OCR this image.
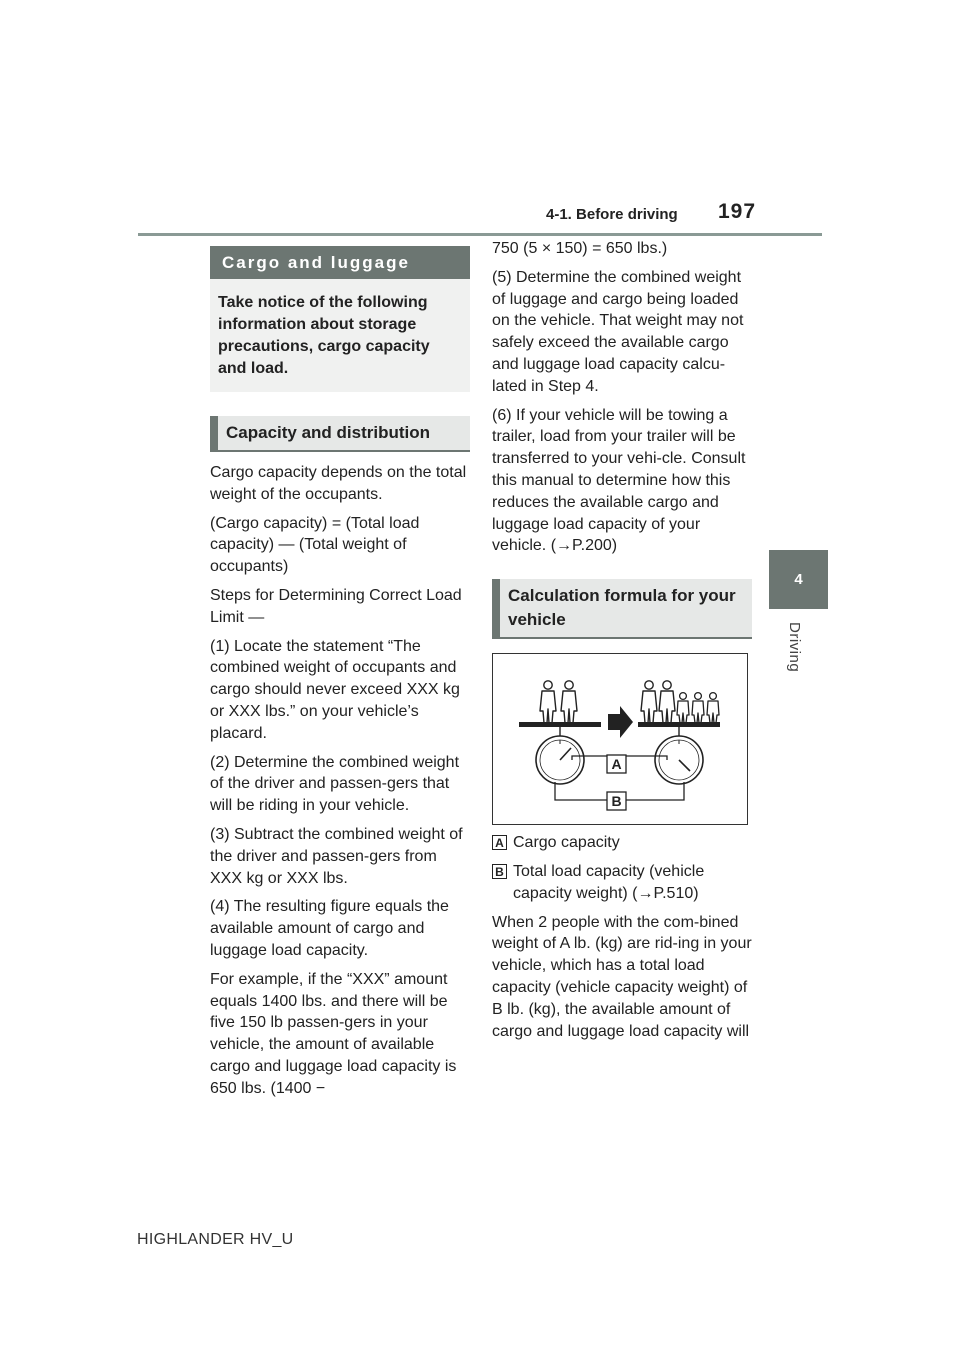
4-1. Before driving 197
4
Driving
Cargo and luggage
Take notice of the following information about storage precautions, cargo capacity and load.
Capacity and distribution

Cargo capacity depends on the total weight of the occupants.

(Cargo capacity) = (Total load capacity) — (Total weight of occupants)

Steps for Determining Correct Load Limit —

(1) Locate the statement “The combined weight of occupants and cargo should never exceed XXX kg or XXX lbs.” on your vehicle’s placard.

(2) Determine the combined weight of the driver and passen-gers that will be riding in your vehicle.

(3) Subtract the combined weight of the driver and passen-gers from XXX kg or XXX lbs.

(4) The resulting figure equals the available amount of cargo and luggage load capacity.

For example, if the “XXX” amount equals 1400 lbs. and there will be five 150 lb passen-gers in your vehicle, the amount of available cargo and luggage load capacity is 650 lbs. (1400 −

750 (5 × 150) = 650 lbs.)

(5) Determine the combined weight of luggage and cargo being loaded on the vehicle. That weight may not safely exceed the available cargo and luggage load capacity calcu-lated in Step 4.

(6) If your vehicle will be towing a trailer, load from your trailer will be transferred to your vehi-cle. Consult this manual to determine how this reduces the available cargo and luggage load capacity of your vehicle. (→P.200)

Calculation formula for your vehicle
A
B
A Cargo capacity
B Total load capacity (vehicle capacity weight) (→P.510)

When 2 people with the com-bined weight of A lb. (kg) are rid-ing in your vehicle, which has a total load capacity (vehicle capacity weight) of B lb. (kg), the available amount of cargo and luggage load capacity will

HIGHLANDER HV_U
